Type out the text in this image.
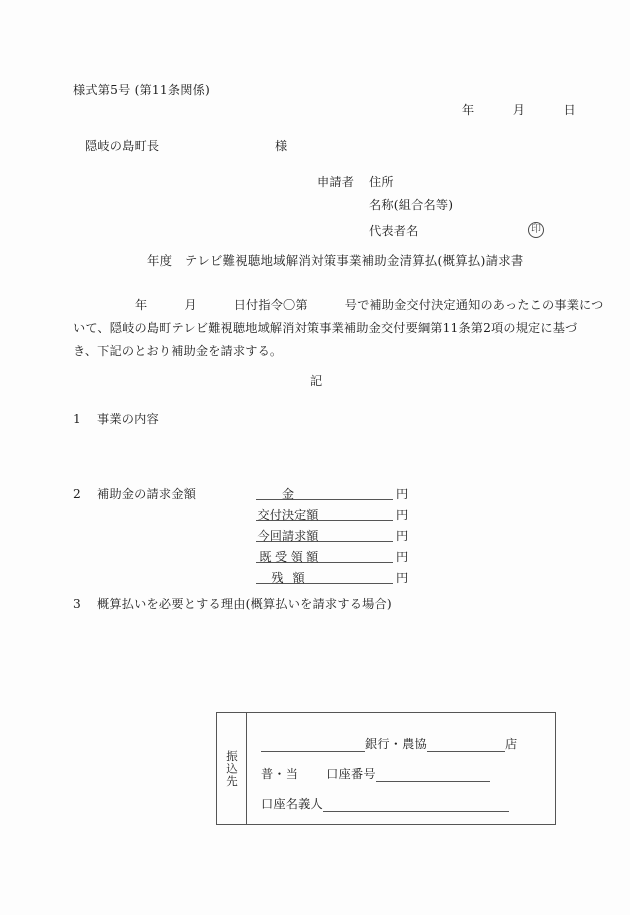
様式第5号 (第11条関係)
年　　　月　　　日
隠岐の島町長	様
申請者 住所
名称(組合名等)
代表者名	印
年度　テレビ難視聴地域解消対策事業補助金清算払(概算払)請求書
年　　　月　　　日付指令〇第　　　号で補助金交付決定通知のあったこの事業につ
いて、隠岐の島町テレビ難視聴地域解消対策事業補助金交付要綱第11条第2項の規定に基づ
き、下記のとおり補助金を請求する。
記
1 事業の内容
2 補助金の請求金額	金	円
交付決定額	円
今回請求額	円
既受領額	円
残額	円
3 概算払いを必要とする理由(概算払いを請求する場合)
振込先
銀行・農協	店
普・当 口座番号
口座名義人
